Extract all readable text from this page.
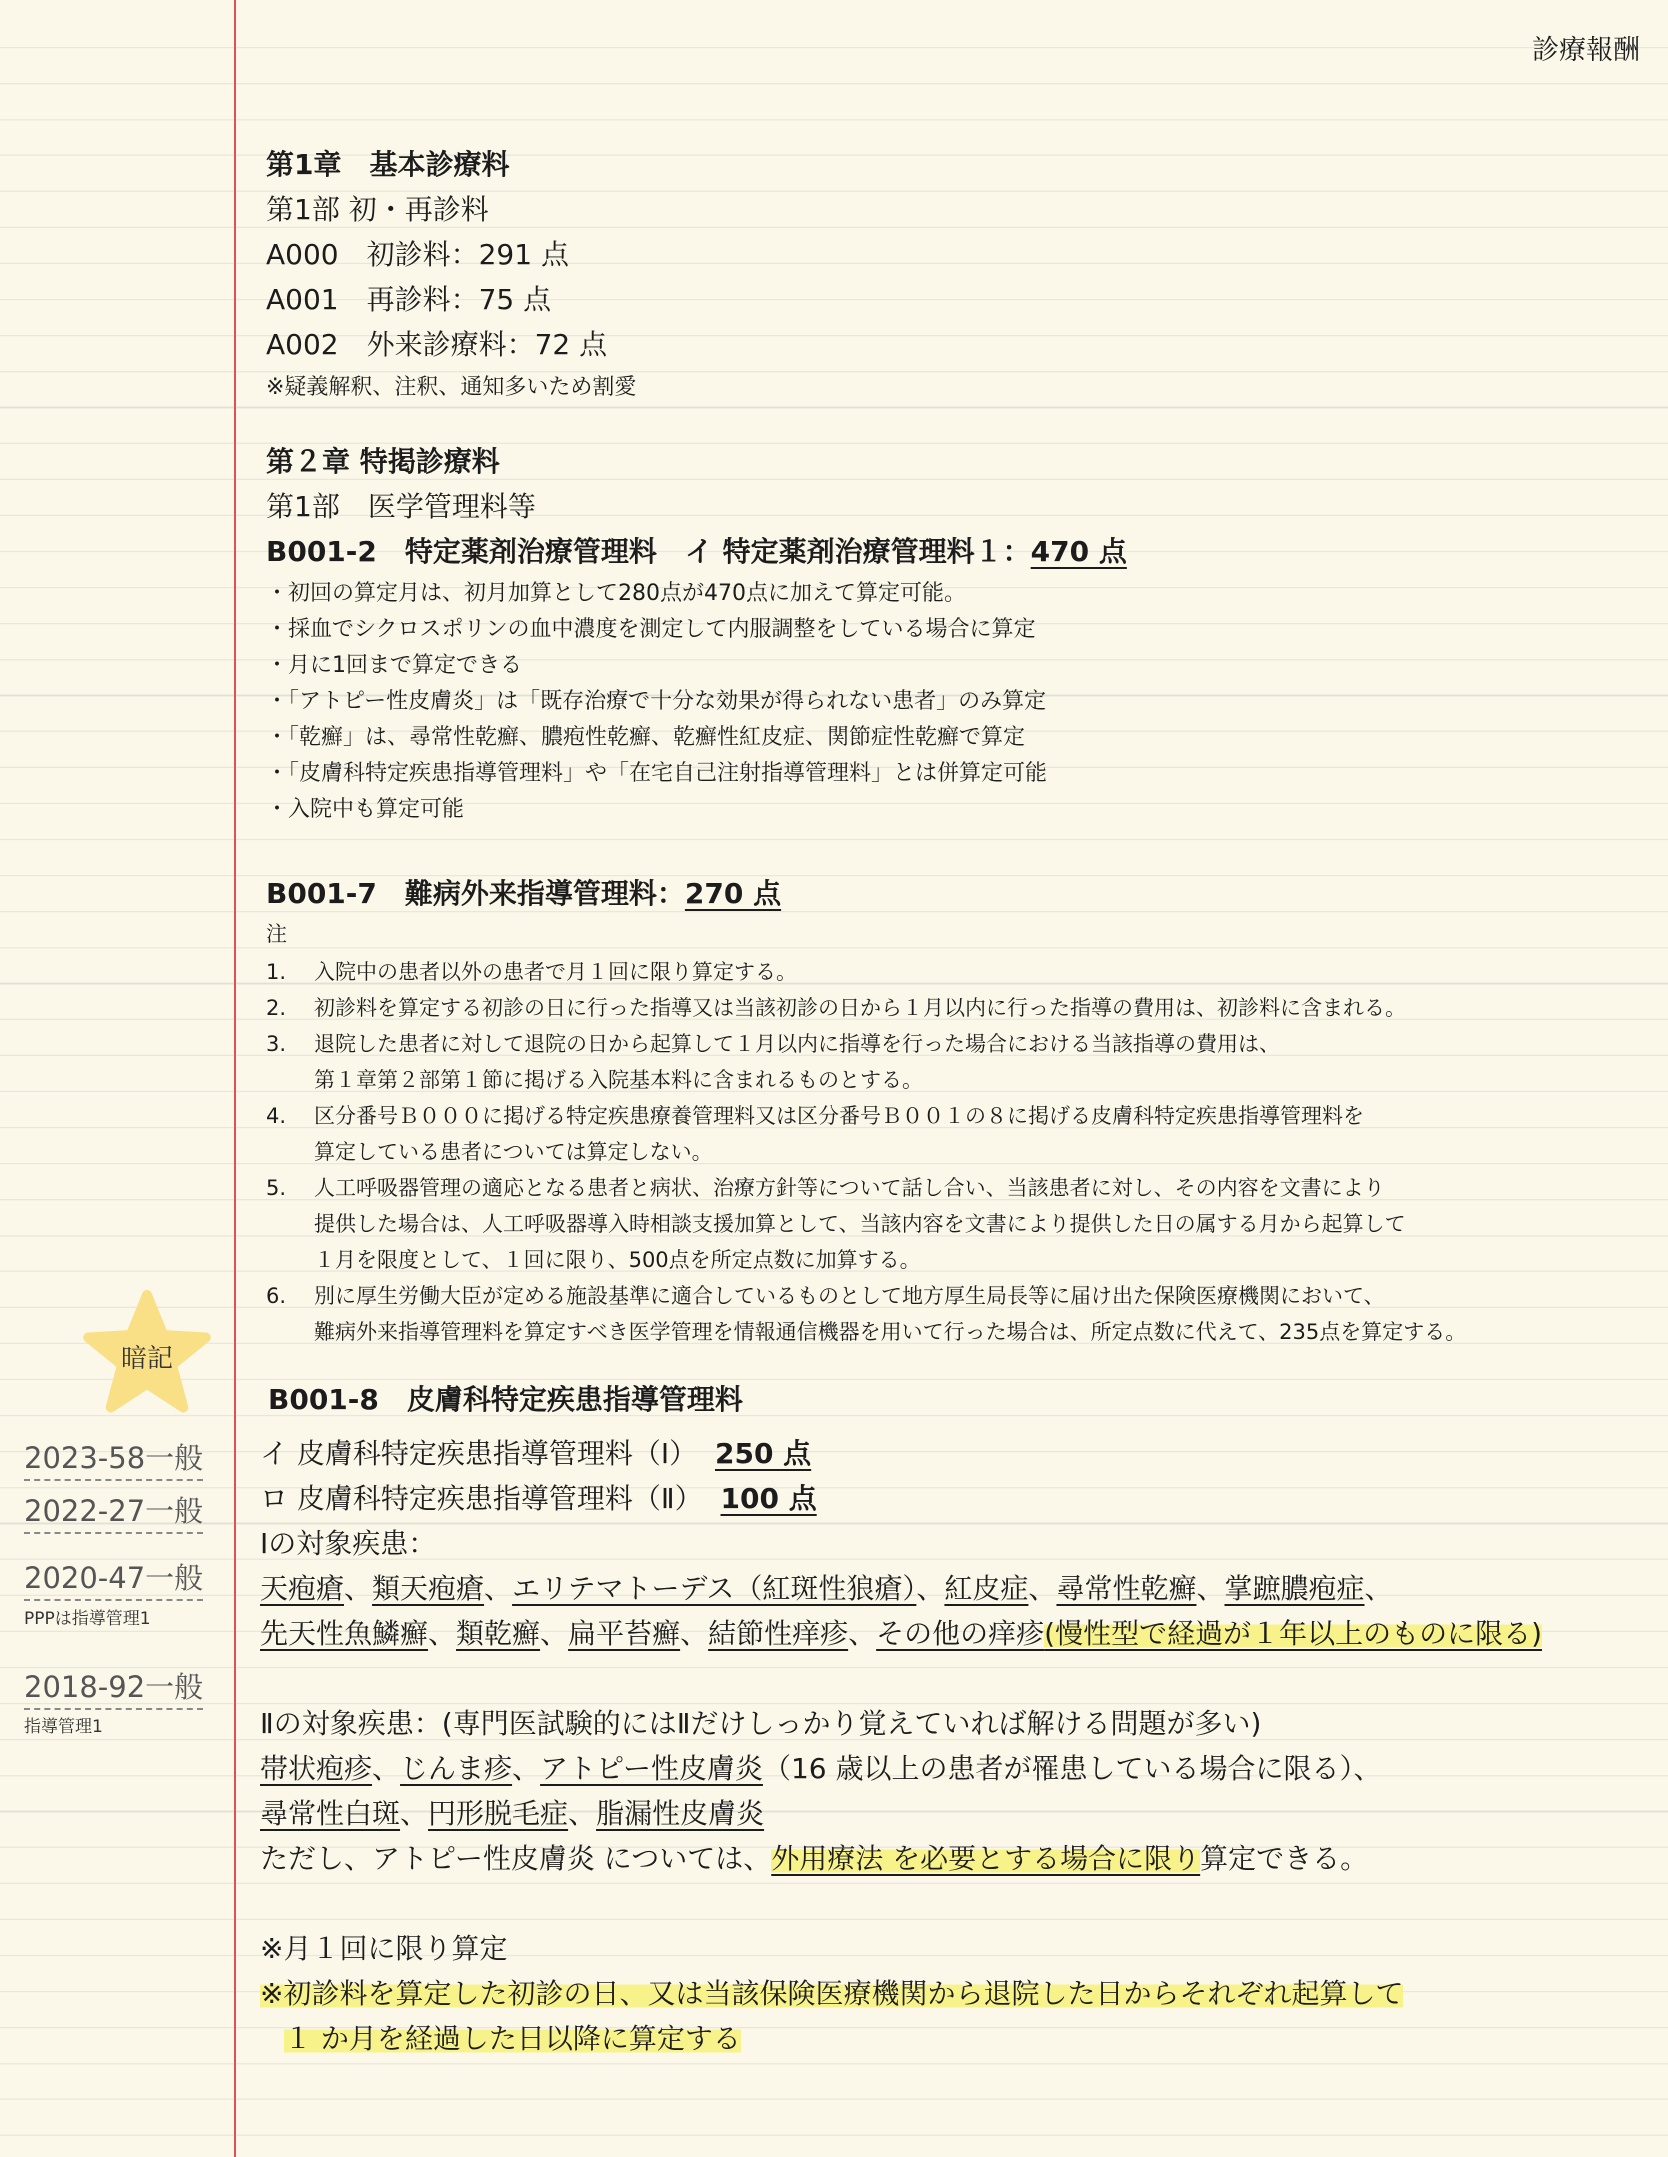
診療報酬
暗記
2023-58一般
2022-27一般
2020-47一般
PPPは指導管理1
2018-92一般
指導管理1
第1章　基本診療料
第1部 初・再診料
A000　初診料：291 点
A001　再診料：75 点
A002　外来診療料：72 点
※疑義解釈、注釈、通知多いため割愛
第２章 特掲診療料
第1部　医学管理料等
B001-2　特定薬剤治療管理料　イ 特定薬剤治療管理料１：470 点
・初回の算定月は、初月加算として280点が470点に加えて算定可能。
・採血でシクロスポリンの血中濃度を測定して内服調整をしている場合に算定
・月に1回まで算定できる
・「アトピー性皮膚炎」は「既存治療で十分な効果が得られない患者」のみ算定
・「乾癬」は、尋常性乾癬、膿疱性乾癬、乾癬性紅皮症、関節症性乾癬で算定
・「皮膚科特定疾患指導管理料」や「在宅自己注射指導管理料」とは併算定可能
・入院中も算定可能
B001-7　難病外来指導管理料：270 点
注
1. 入院中の患者以外の患者で月１回に限り算定する。
2. 初診料を算定する初診の日に行った指導又は当該初診の日から１月以内に行った指導の費用は、初診料に含まれる。
3. 退院した患者に対して退院の日から起算して１月以内に指導を行った場合における当該指導の費用は、
第１章第２部第１節に掲げる入院基本料に含まれるものとする。
4. 区分番号Ｂ０００に掲げる特定疾患療養管理料又は区分番号Ｂ００１の８に掲げる皮膚科特定疾患指導管理料を
算定している患者については算定しない。
5. 人工呼吸器管理の適応となる患者と病状、治療方針等について話し合い、当該患者に対し、その内容を文書により
提供した場合は、人工呼吸器導入時相談支援加算として、当該内容を文書により提供した日の属する月から起算して
１月を限度として、１回に限り、500点を所定点数に加算する。
6. 別に厚生労働大臣が定める施設基準に適合しているものとして地方厚生局長等に届け出た保険医療機関において、
難病外来指導管理料を算定すべき医学管理を情報通信機器を用いて行った場合は、所定点数に代えて、235点を算定する。
B001-8　皮膚科特定疾患指導管理料
イ 皮膚科特定疾患指導管理料（Ⅰ） 250 点
ロ 皮膚科特定疾患指導管理料（Ⅱ） 100 点
Ⅰの対象疾患：
天疱瘡、類天疱瘡、エリテマトーデス（紅斑性狼瘡）、紅皮症、尋常性乾癬、掌蹠膿疱症、
先天性魚鱗癬、類乾癬、扁平苔癬、結節性痒疹、その他の痒疹(慢性型で経過が１年以上のものに限る)
Ⅱの対象疾患：(専門医試験的にはⅡだけしっかり覚えていれば解ける問題が多い)
帯状疱疹、じんま疹、アトピー性皮膚炎（16 歳以上の患者が罹患している場合に限る）、
尋常性白斑、円形脱毛症、脂漏性皮膚炎
ただし、アトピー性皮膚炎 については、外用療法 を必要とする場合に限り算定できる。
※月１回に限り算定
※初診料を算定した初診の日、又は当該保険医療機関から退院した日からそれぞれ起算して
１ か月を経過した日以降に算定する
